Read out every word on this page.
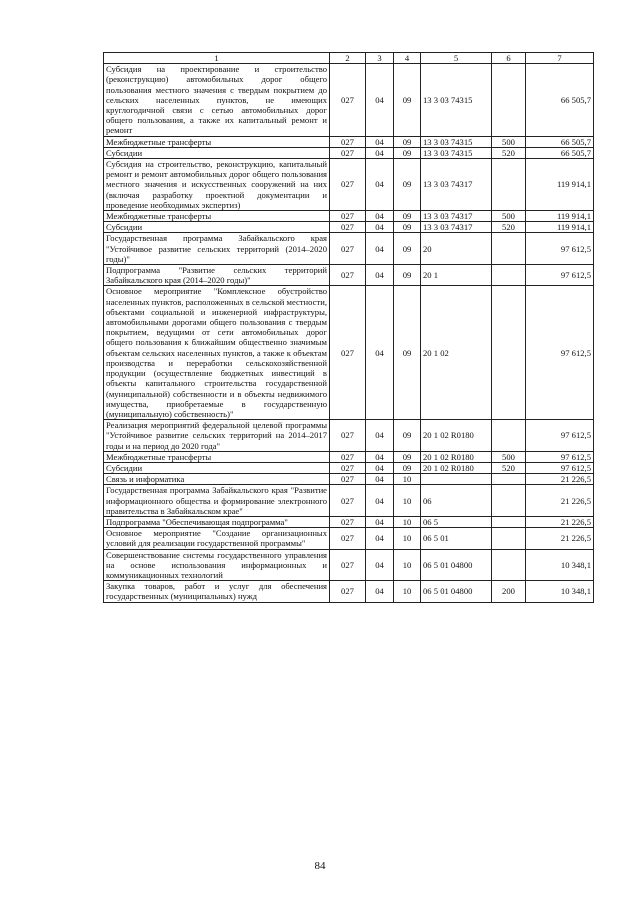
1	2	3	4	5	6	7
Субсидия на проектирование и строительство (реконструкцию) автомобильных дорог общего пользования местного значения с твердым покрытием до сельских населенных пунктов, не имеющих круглогодичной связи с сетью автомобильных дорог общего пользования, а также их капитальный ремонт и ремонт	027	04	09	13 3 03 74315		66 505,7
Межбюджетные трансферты	027	04	09	13 3 03 74315	500	66 505,7
Субсидии	027	04	09	13 3 03 74315	520	66 505,7
Субсидия на строительство, реконструкцию, капитальный ремонт и ремонт автомобильных дорог общего пользования местного значения и искусственных сооружений на них (включая разработку проектной документации и проведение необходимых экспертиз)	027	04	09	13 3 03 74317		119 914,1
Межбюджетные трансферты	027	04	09	13 3 03 74317	500	119 914,1
Субсидии	027	04	09	13 3 03 74317	520	119 914,1
Государственная программа Забайкальского края "Устойчивое развитие сельских территорий (2014–2020 годы)"	027	04	09	20		97 612,5
Подпрограмма "Развитие сельских территорий Забайкальского края (2014–2020 годы)"	027	04	09	20 1		97 612,5
Основное мероприятие "Комплексное обустройство населенных пунктов, расположенных в сельской местности, объектами социальной и инженерной инфраструктуры, автомобильными дорогами общего пользования с твердым покрытием, ведущими от сети автомобильных дорог общего пользования к ближайшим общественно значимым объектам сельских населенных пунктов, а также к объектам производства и переработки сельскохозяйственной продукции (осуществление бюджетных инвестиций в объекты капитального строительства государственной (муниципальной) собственности и в объекты недвижимого имущества, приобретаемые в государственную (муниципальную) собственность)"	027	04	09	20 1 02		97 612,5
Реализация мероприятий федеральной целевой программы "Устойчивое развитие сельских территорий на 2014–2017 годы и на период до 2020 года"	027	04	09	20 1 02 R0180		97 612,5
Межбюджетные трансферты	027	04	09	20 1 02 R0180	500	97 612,5
Субсидии	027	04	09	20 1 02 R0180	520	97 612,5
Связь и информатика	027	04	10			21 226,5
Государственная программа Забайкальского края "Развитие информационного общества и формирование электронного правительства в Забайкальском крае"	027	04	10	06		21 226,5
Подпрограмма "Обеспечивающая подпрограмма"	027	04	10	06 5		21 226,5
Основное мероприятие "Создание организационных условий для реализации государственной программы"	027	04	10	06 5 01		21 226,5
Совершенствование системы государственного управления на основе использования информационных и коммуникационных технологий	027	04	10	06 5 01 04800		10 348,1
Закупка товаров, работ и услуг для обеспечения государственных (муниципальных) нужд	027	04	10	06 5 01 04800	200	10 348,1
84
